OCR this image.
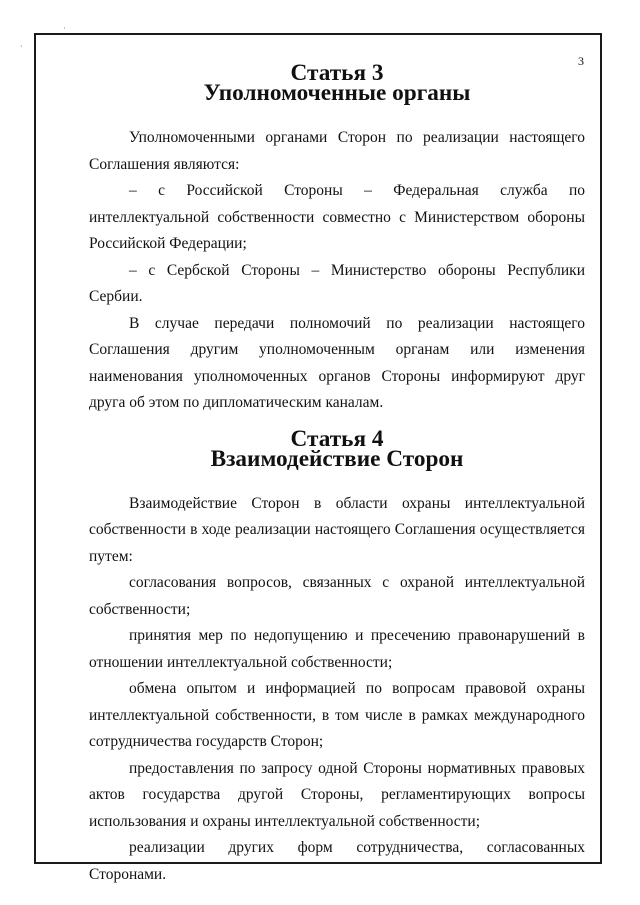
·
·
3
Статья 3
Уполномоченные органы

Уполномоченными органами Сторон по реализации настоящего Соглашения являются:

– с Российской Стороны – Федеральная служба по интеллектуальной собственности совместно с Министерством обороны Российской Федерации;

– с Сербской Стороны – Министерство обороны Республики Сербии.

В случае передачи полномочий по реализации настоящего Соглашения другим уполномоченным органам или изменения наименования уполномоченных органов Стороны информируют друг друга об этом по дипломатическим каналам.

Статья 4
Взаимодействие Сторон

Взаимодействие Сторон в области охраны интеллектуальной собственности в ходе реализации настоящего Соглашения осуществляется путем:

согласования вопросов, связанных с охраной интеллектуальной собственности;

принятия мер по недопущению и пресечению правонарушений в отношении интеллектуальной собственности;

обмена опытом и информацией по вопросам правовой охраны интеллектуальной собственности, в том числе в рамках международного сотрудничества государств Сторон;

предоставления по запросу одной Стороны нормативных правовых актов государства другой Стороны, регламентирующих вопросы использования и охраны интеллектуальной собственности;

реализации других форм сотрудничества, согласованных Сторонами.
